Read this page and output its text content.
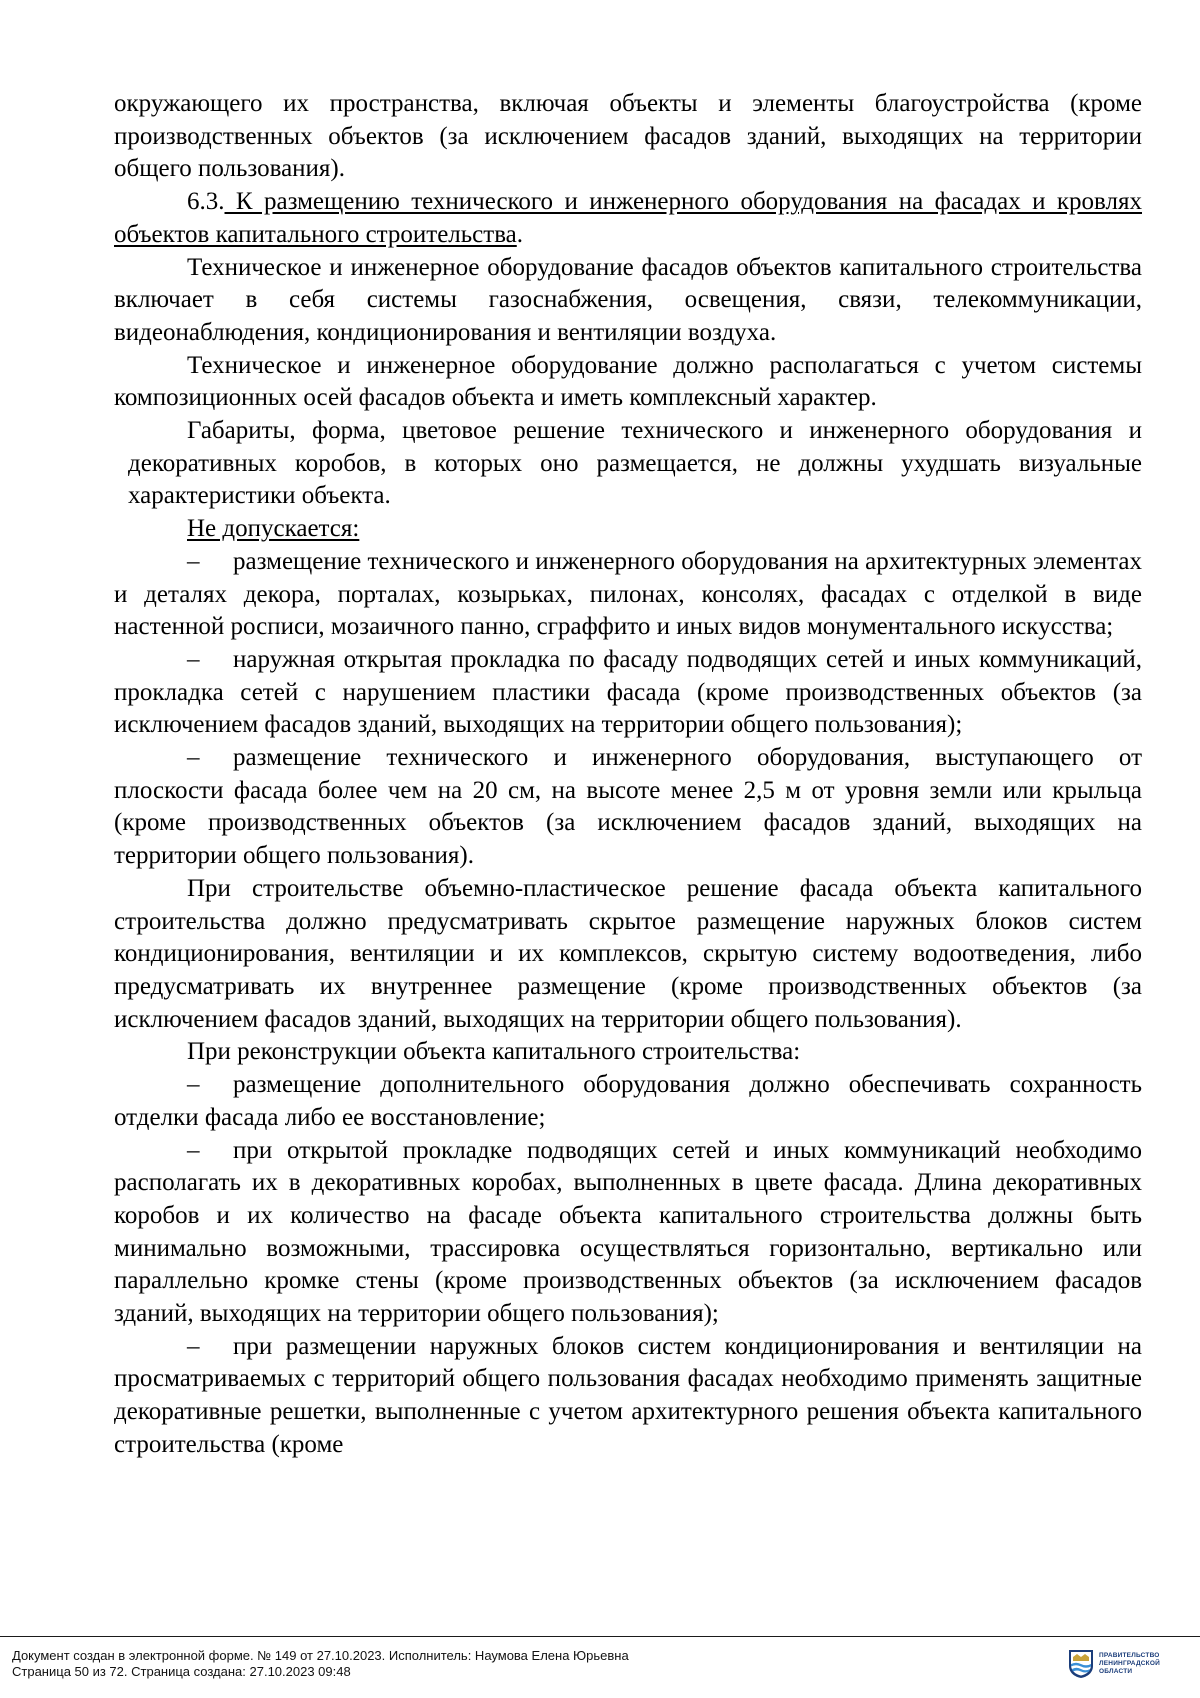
окружающего их пространства, включая объекты и элементы благоустройства (кроме производственных объектов (за исключением фасадов зданий, выходящих на территории общего пользования).

6.3. К размещению технического и инженерного оборудования на фасадах и кровлях объектов капитального строительства.

Техническое и инженерное оборудование фасадов объектов капитального строительства включает в себя системы газоснабжения, освещения, связи, телекоммуникации, видеонаблюдения, кондиционирования и вентиляции воздуха.

Техническое и инженерное оборудование должно располагаться с учетом системы композиционных осей фасадов объекта и иметь комплексный характер.

Габариты, форма, цветовое решение технического и инженерного оборудования и декоративных коробов, в которых оно размещается, не должны ухудшать визуальные характеристики объекта.

Не допускается:

– размещение технического и инженерного оборудования на архитектурных элементах и деталях декора, порталах, козырьках, пилонах, консолях, фасадах с отделкой в виде настенной росписи, мозаичного панно, сграффито и иных видов монументального искусства;

– наружная открытая прокладка по фасаду подводящих сетей и иных коммуникаций, прокладка сетей с нарушением пластики фасада (кроме производственных объектов (за исключением фасадов зданий, выходящих на территории общего пользования);

– размещение технического и инженерного оборудования, выступающего от плоскости фасада более чем на 20 см, на высоте менее 2,5 м от уровня земли или крыльца (кроме производственных объектов (за исключением фасадов зданий, выходящих на территории общего пользования).

При строительстве объемно-пластическое решение фасада объекта капитального строительства должно предусматривать скрытое размещение наружных блоков систем кондиционирования, вентиляции и их комплексов, скрытую систему водоотведения, либо предусматривать их внутреннее размещение (кроме производственных объектов (за исключением фасадов зданий, выходящих на территории общего пользования).

При реконструкции объекта капитального строительства:

– размещение дополнительного оборудования должно обеспечивать сохранность отделки фасада либо ее восстановление;

– при открытой прокладке подводящих сетей и иных коммуникаций необходимо располагать их в декоративных коробах, выполненных в цвете фасада. Длина декоративных коробов и их количество на фасаде объекта капитального строительства должны быть минимально возможными, трассировка осуществляться горизонтально, вертикально или параллельно кромке стены (кроме производственных объектов (за исключением фасадов зданий, выходящих на территории общего пользования);

– при размещении наружных блоков систем кондиционирования и вентиляции на просматриваемых с территорий общего пользования фасадах необходимо применять защитные декоративные решетки, выполненные с учетом архитектурного решения объекта капитального строительства (кроме

Документ создан в электронной форме. № 149 от 27.10.2023. Исполнитель: Наумова Елена Юрьевна
Страница 50 из 72. Страница создана: 27.10.2023 09:48
ПРАВИТЕЛЬСТВО
ЛЕНИНГРАДСКОЙ
ОБЛАСТИ
